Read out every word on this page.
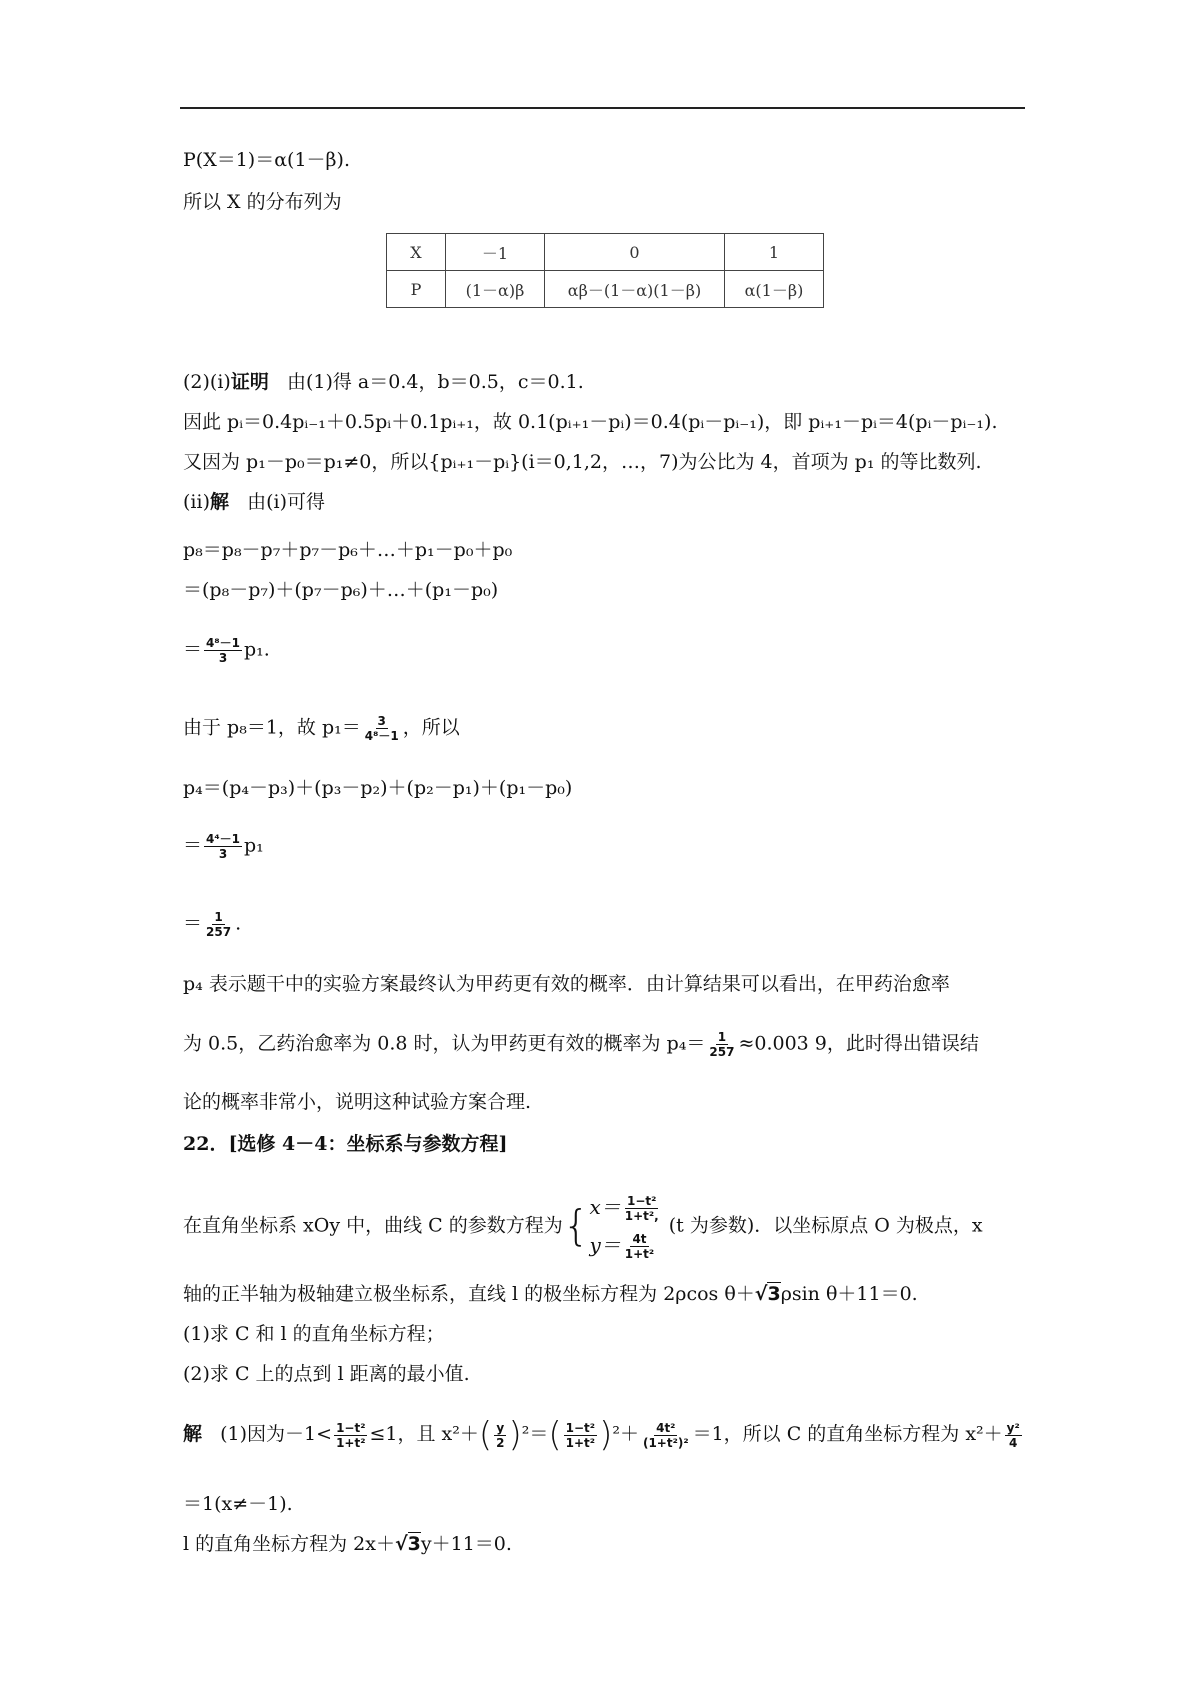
P(X＝1)＝α(1－β).
所以 X 的分布列为
X	－1	0	1
P	(1－α)β	αβ－(1－α)(1－β)	α(1－β)
(2)(ⅰ)证明 由(1)得 a＝0.4，b＝0.5，c＝0.1.
因此 pᵢ＝0.4pᵢ₋₁＋0.5pᵢ＋0.1pᵢ₊₁，故 0.1(pᵢ₊₁－pᵢ)＝0.4(pᵢ－pᵢ₋₁)，即 pᵢ₊₁－pᵢ＝4(pᵢ－pᵢ₋₁).
又因为 p₁－p₀＝p₁≠0，所以{pᵢ₊₁－pᵢ}(i＝0,1,2，…，7)为公比为 4，首项为 p₁ 的等比数列.
(ⅱ)解 由(ⅰ)可得
p₈＝p₈－p₇＋p₇－p₆＋…＋p₁－p₀＋p₀
＝(p₈－p₇)＋(p₇－p₆)＋…＋(p₁－p₀)
＝ $\frac{\text{4⁸－1}}{3} p_1$.
由于 p₈＝1，故 $p_1= \frac{3}{\text{4⁸－1}}$ ，所以
p₄＝(p₄－p₃)＋(p₃－p₂)＋(p₂－p₁)＋(p₁－p₀)
＝ $\frac{\text{4⁴－1}}{3} p_1$
＝ $\frac{1}{257}$ .
p₄ 表示题干中的实验方案最终认为甲药更有效的概率．由计算结果可以看出，在甲药治愈率
为 0.5，乙药治愈率为 0.8 时，认为甲药更有效的概率为 $p_4= \frac{1}{257} \approx 0.003$ 9，此时得出错误结
论的概率非常小，说明这种试验方案合理.
22．[选修 4－4：坐标系与参数方程]
在直角坐标系 xOy 中，曲线 C 的参数方程为 { $x= \frac{\text{1−t²}}{\text{1+t²,}}$
$y= \frac{4t}{\text{1+t²}}$
(t 为参数)．以坐标原点 O 为极点，x
轴的正半轴为极轴建立极坐标系，直线 l 的极坐标方程为 2ρcos θ＋√3ρsin θ＋11＝0.
(1)求 C 和 l 的直角坐标方程；
(2)求 C 上的点到 l 距离的最小值.
解 (1)因为$-1< \frac{\text{1−t²}}{\text{1+t²}} \le 1$，且 $x^2+( \frac{y}{2} )^2=( \frac{\text{1−t²}}{\text{1+t²}} )^2+ \frac{\text{4t²}}{\text{(1+t²)²}} =1$，所以 C 的直角坐标方程为 $x^2+ \frac{\text{y²}}{4}$
＝1(x≠－1).
l 的直角坐标方程为 2x＋√3y＋11＝0.
